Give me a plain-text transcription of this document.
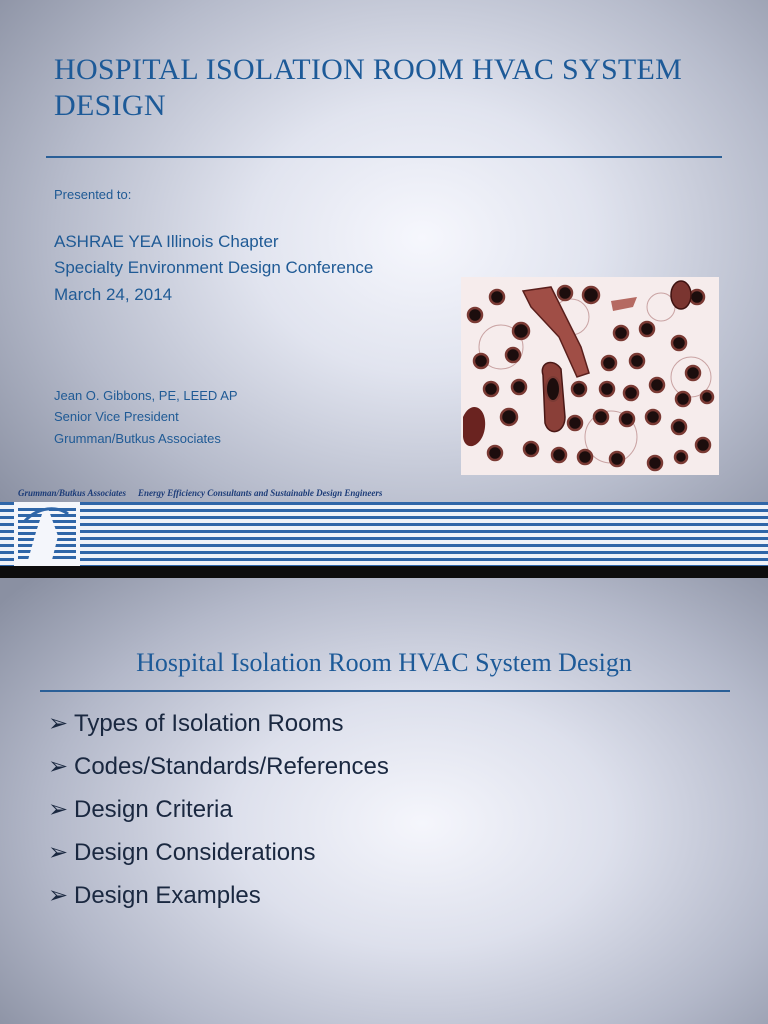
HOSPITAL ISOLATION ROOM HVAC SYSTEM DESIGN
Presented to:
ASHRAE YEA Illinois Chapter
Specialty Environment Design Conference
March 24, 2014
Jean O. Gibbons, PE, LEED AP
Senior Vice President
Grumman/Butkus Associates
Grumman/Butkus Associates Energy Efficiency Consultants and Sustainable Design Engineers
Hospital Isolation Room HVAC System Design
➢ Types of Isolation Rooms
➢ Codes/Standards/References
➢ Design Criteria
➢ Design Considerations
➢ Design Examples
